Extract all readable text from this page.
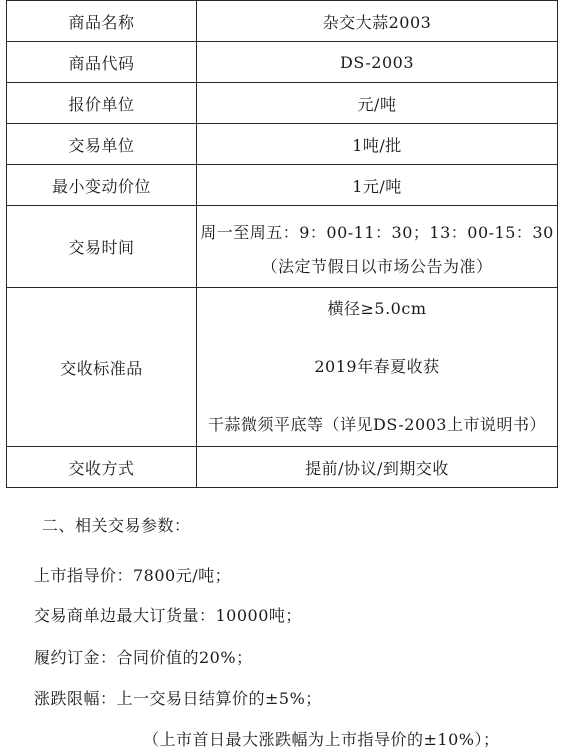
商品名称	杂交大蒜2003
商品代码	DS-2003
报价单位	元/吨
交易单位	1吨/批
最小变动价位	1元/吨
交易时间	周一至周五：9：00-11：30；13：00-15：30
（法定节假日以市场公告为准）

交收标准品	横径≥5.0cm
2019年春夏收获
干蒜微须平底等（详见DS-2003上市说明书）

交收方式	提前/协议/到期交收
二、相关交易参数：
上市指导价：7800元/吨；
交易商单边最大订货量：10000吨；
履约订金：合同价值的20%；
涨跌限幅：上一交易日结算价的±5%；
（上市首日最大涨跌幅为上市指导价的±10%）；
